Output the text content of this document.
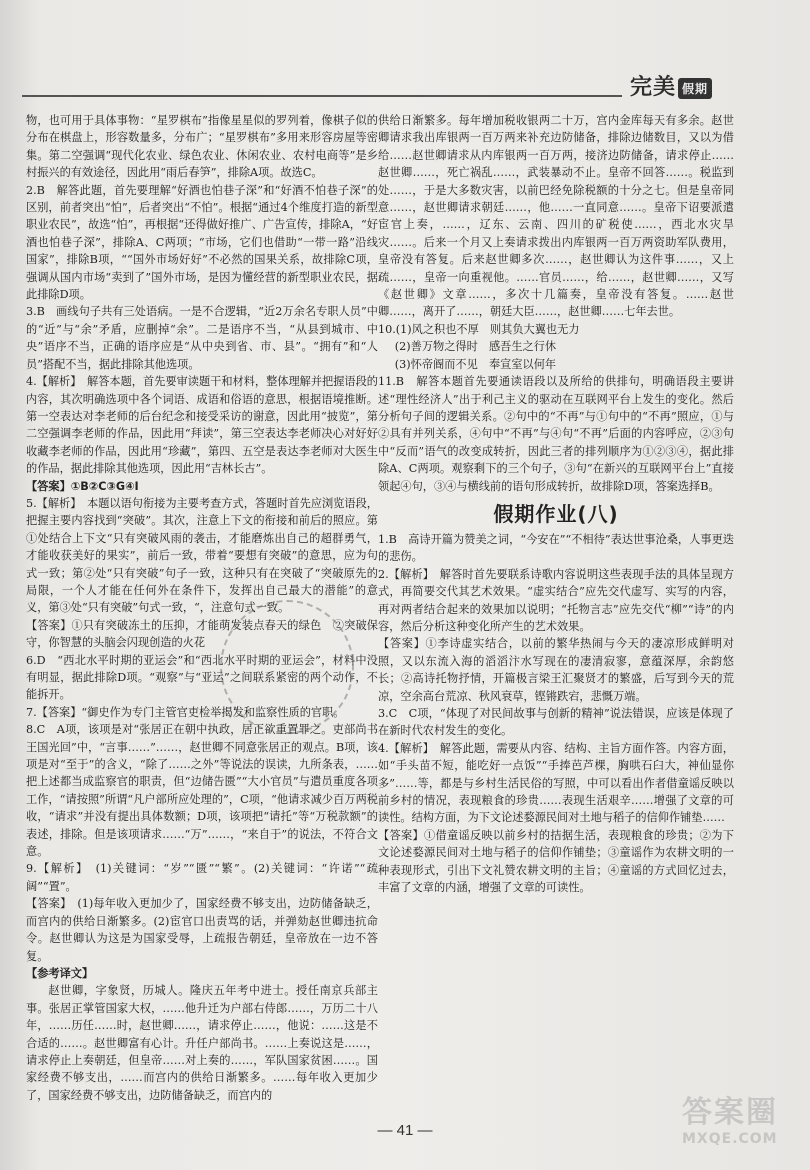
完美 假期

物，也可用于具体事物：“星罗棋布”指像星星似的罗列着，像棋子似的分布在棋盘上，形容数量多，分布广；“星罗棋布”多用来形容房屋等密集。第二空强调“现代化农业、绿色农业、休闲农业、农村电商等”是乡村振兴的有效途径，因此用“雨后春笋”，排除A项。故选C。

2.B　解答此题，首先要理解“好酒也怕巷子深”和“好酒不怕巷子深”的区别，前者突出“怕”，后者突出“不怕”。根据“通过4个维度打造的新型职业农民”，故选“怕”，再根据“还得做好推广、广告宣传，排除A，“好酒也怕巷子深”，排除A、C两项；“市场，它们也借助“一带一路”沿线国家”，排除B项，““国外市场好好”不必然的国果关系，故排除C项，强调从国内市场“卖到了”国外市场，是因为懂经营的新型职业农民，据此排除D项。

3.B　画线句子共有三处语病。一是不合逻辑，“近2万余名专职人员”中的“近”与“余”矛盾，应删掉“余”。二是语序不当，“从县到城市、中央”语序不当，正确的语序应是“从中央到省、市、县”。“拥有”和“人员”搭配不当，据此排除其他选项。

4.【解析】　解答本题，首先要审读题干和材料，整体理解并把握语段的内容，其次明确选项中各个词语、成语和俗语的意思，根据语境推断。第一空表达对李老师的后台纪念和接受采访的谢意，因此用“披览”，第二空强调李老师的作品，因此用“拜读”，第三空表达李老师决心对好好收藏李老师的作品，因此用“珍藏”，第四、五空是表达李老师对大医生的作品，据此排除其他选项，因此用“吉林长古”。

【答案】①B②C③G④I

5.【解析】　本题以语句衔接为主要考查方式，答题时首先应浏览语段，把握主要内容找到“突破”。其次，注意上下文的衔接和前后的照应。第①处结合上下文“只有突破风雨的袭击，才能磨炼出自己的超群勇气，才能收获美好的果实”，前后一致，带着“要想有突破”的意思，应为句式一致；第②处“只有突破”句子一致，这种只有在突破了“突破原先的局限，一个人才能在任何外在条件下，发挥出自己最大的潜能”的意义，第③处“只有突破”句式一致，“，注意句式一致。

【答案】①只有突破冻土的压抑，才能萌发装点春天的绿色　②突破保守，你智慧的头脑会闪现创造的火花

6.D　“西北水平时期的亚运会”和“西北水平时期的亚运会”，材料中没有明显，据此排除D项。“观察”与“亚运”之间联系紧密的两个动作，不能拆开。

7.【答案】“御史作为专门主管官吏检举揭发和监察性质的官职。

8.C　A项，该项是对“张居正在朝中执政，居正欲重置罪之。吏部尚书王国光回”中，“言事……”……，赵世卿不同意张居正的观点。B项，该项是对“至于”的含义，“除了……之外”等说法的误读，九所条表，……把上述都当成监察官的职责，但“边储告匮”“大小官员”与遣员重度各项工作，“请按照”所谓“凡户部所应处理的”，C项，“他请求减少百万两税收，“请求”并没有提出具体数额；D项，该项把“请托”等“万税款额”的表述，排除。但是该项请求……“万”……，“来自于”的说法，不符合文意。

9.【解析】　(1)关键词：“岁”“匮”“繁”。(2)关键词：“许诺”“疏阔”“置”。

【答案】　(1)每年收入更加少了，国家经费不够支出，边防储备缺乏，而宫内的供给日渐繁多。(2)宦官口出责骂的话，并弹劾赵世卿违抗命令。赵世卿认为这是为国家受辱，上疏报告朝廷，皇帝放在一边不答复。

【参考译文】

赵世卿，字象贤，历城人。隆庆五年考中进士。授任南京兵部主事。张居正掌管国家大权，……他升迁为户部右侍郎……，万历二十八年，……历任……时，赵世卿……，请求停止……，他说：……这是不合适的……。赵世卿富有心计。升任户部尚书。……上奏说这是……，请求停止上奏朝廷，但皇帝……对上奏的……，军队国家贫困……。国家经费不够支出，……而宫内的供给日渐繁多。……每年收入更加少了，国家经费不够支出，边防储备缺乏，而宫内的

供给日渐繁多。每年增加税收银两二十万，宫内金库每天有多余。赵世卿请求我出库银两一百万两来补充边防储备，排除边储数目，又以为借给……赵世卿请求从内库银两一百万两，接济边防储备，请求停止……赵世卿……，死亡祸乱……，武装暴动不止。皇帝不回答……。税监到处……，于是大多数灾害，以前巴经免除税额的十分之七。但是皇帝同意……，赵世卿请求朝廷……，他……一直同意……。皇帝下诏要派遣宦官上奏，……，辽东、云南、四川的矿税使……，西北水灾旱灾……。后来一个月又上奏请求拨出内库银两一百万两资助军队费用，皇帝没有答复。后来赵世卿多次……，赵世卿认为这件事……，又上疏……，皇帝一向重视他。……官员……，给……，赵世卿……，又写《赵世卿》文章……，多次十几篇奏，皇帝没有答复。……赵世卿……，离开了……，朝廷大臣……，赵世卿……七年去世。

10.(1)风之积也不厚　则其负大翼也无力

(2)善万物之得时　感吾生之行休

(3)怀帝阍而不见　奉宣室以何年

11.B　解答本题首先要通读语段以及所给的供排句，明确语段主要讲述“理性经济人”出于利己主义的驱动在互联网平台上发生的变化。然后分析句子间的逻辑关系。②句中的“不再”与①句中的“不再”照应，①与②具有并列关系，④句中“不再”与④句“不再”后面的内容呼应，②③句中“反而”语气的改变成转折，因此三者的排列顺序为①②③④，据此排除A、C两项。观察剩下的三个句子，③句“在新兴的互联网平台上”直接领起④句，③④与横线前的语句形成转折，故排除D项，答案选择B。

假期作业(八)

1.B　高诗开篇为赞美之词，“今安在”“不相待”表达世事沧桑，人事更迭的悲伤。

2.【解析】　解答时首先要联系诗歌内容说明这些表现手法的具体呈现方式，再简要交代其艺术效果。“虚实结合”应先交代虚写、实写的内容，再对两者结合起来的效果加以说明；“托物言志”应先交代“柳”“诗”的内容，然后分析这种变化所产生的艺术效果。

【答案】①李诗虚实结合，以前的繁华热闹与今天的凄凉形成鲜明对照，又以东流入海的滔滔汴水写现在的凄清寂寥，意蕴深厚，余韵悠长；②高诗托物抒情，开篇极言梁王汇聚贤才的繁盛，后写到今天的荒凉，空余高台荒凉、秋风衰草，铿锵跌宕，悲慨万端。

3.C　C项，“体现了对民间故事与创新的精神”说法错误，应该是体现了在新时代农村发生的变化。

4.【解析】　解答此题，需要从内容、结构、主旨方面作答。内容方面，如“手头苗不短，能吃好一点饭”“手捧芭芦棵，胸哄石臼大，神仙显你多”……等，都是与乡村生活民俗的写照，中可以看出作者借童谣反映以前乡村的情况，表现粮食的珍贵……表现生活艰辛……增强了文章的可读性。结构方面，为下文论述婺源民间对土地与稻子的信仰作铺垫……

【答案】①借童谣反映以前乡村的拮据生活，表现粮食的珍贵；②为下文论述婺源民间对土地与稻子的信仰作铺垫；③童谣作为农耕文明的一种表现形式，引出下文礼赞农耕文明的主旨；④童谣的方式回忆过去，丰富了文章的内涵，增强了文章的可读性。

— 41 —
答案圈
MXQE.COM
